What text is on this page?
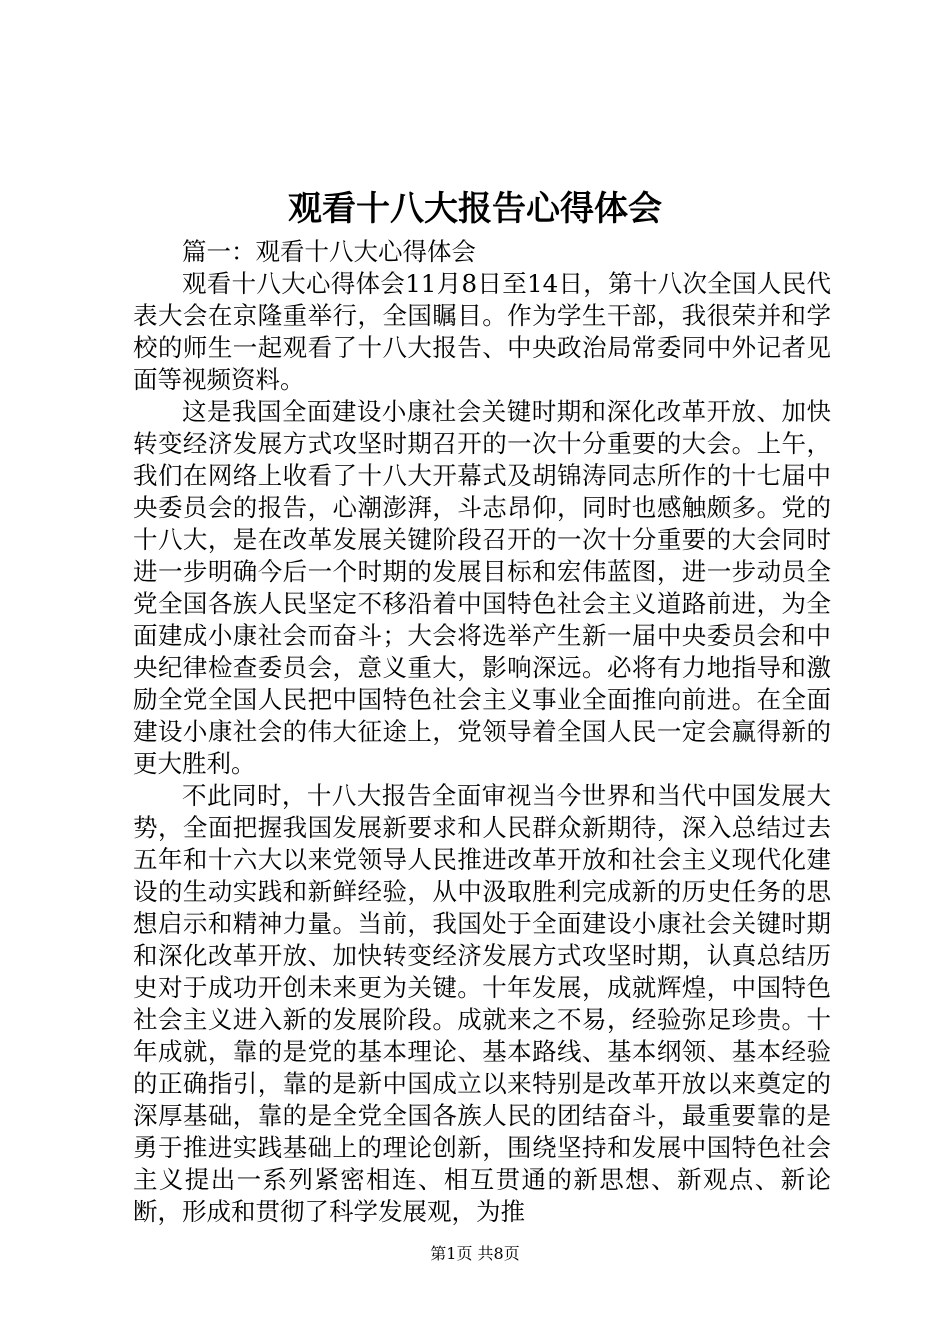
观看十八大报告心得体会

篇一：观看十八大心得体会

观看十八大心得体会11月8日至14日，第十八次全国人民代表大会在京隆重举行，全国瞩目。作为学生干部，我很荣并和学校的师生一起观看了十八大报告、中央政治局常委同中外记者见面等视频资料。

这是我国全面建设小康社会关键时期和深化改革开放、加快转变经济发展方式攻坚时期召开的一次十分重要的大会。上午，我们在网络上收看了十八大开幕式及胡锦涛同志所作的十七届中央委员会的报告，心潮澎湃，斗志昂仰，同时也感触颇多。党的十八大，是在改革发展关键阶段召开的一次十分重要的大会同时进一步明确今后一个时期的发展目标和宏伟蓝图，进一步动员全党全国各族人民坚定不移沿着中国特色社会主义道路前进，为全面建成小康社会而奋斗；大会将选举产生新一届中央委员会和中央纪律检查委员会，意义重大，影响深远。必将有力地指导和激励全党全国人民把中国特色社会主义事业全面推向前进。在全面建设小康社会的伟大征途上，党领导着全国人民一定会赢得新的更大胜利。

不此同时，十八大报告全面审视当今世界和当代中国发展大势，全面把握我国发展新要求和人民群众新期待，深入总结过去五年和十六大以来党领导人民推进改革开放和社会主义现代化建设的生动实践和新鲜经验，从中汲取胜利完成新的历史任务的思想启示和精神力量。当前，我国处于全面建设小康社会关键时期和深化改革开放、加快转变经济发展方式攻坚时期，认真总结历史对于成功开创未来更为关键。十年发展，成就辉煌，中国特色社会主义进入新的发展阶段。成就来之不易，经验弥足珍贵。十年成就，靠的是党的基本理论、基本路线、基本纲领、基本经验的正确指引，靠的是新中国成立以来特别是改革开放以来奠定的深厚基础，靠的是全党全国各族人民的团结奋斗，最重要靠的是勇于推进实践基础上的理论创新，围绕坚持和发展中国特色社会主义提出一系列紧密相连、相互贯通的新思想、新观点、新论断，形成和贯彻了科学发展观，为推

第1页 共8页
